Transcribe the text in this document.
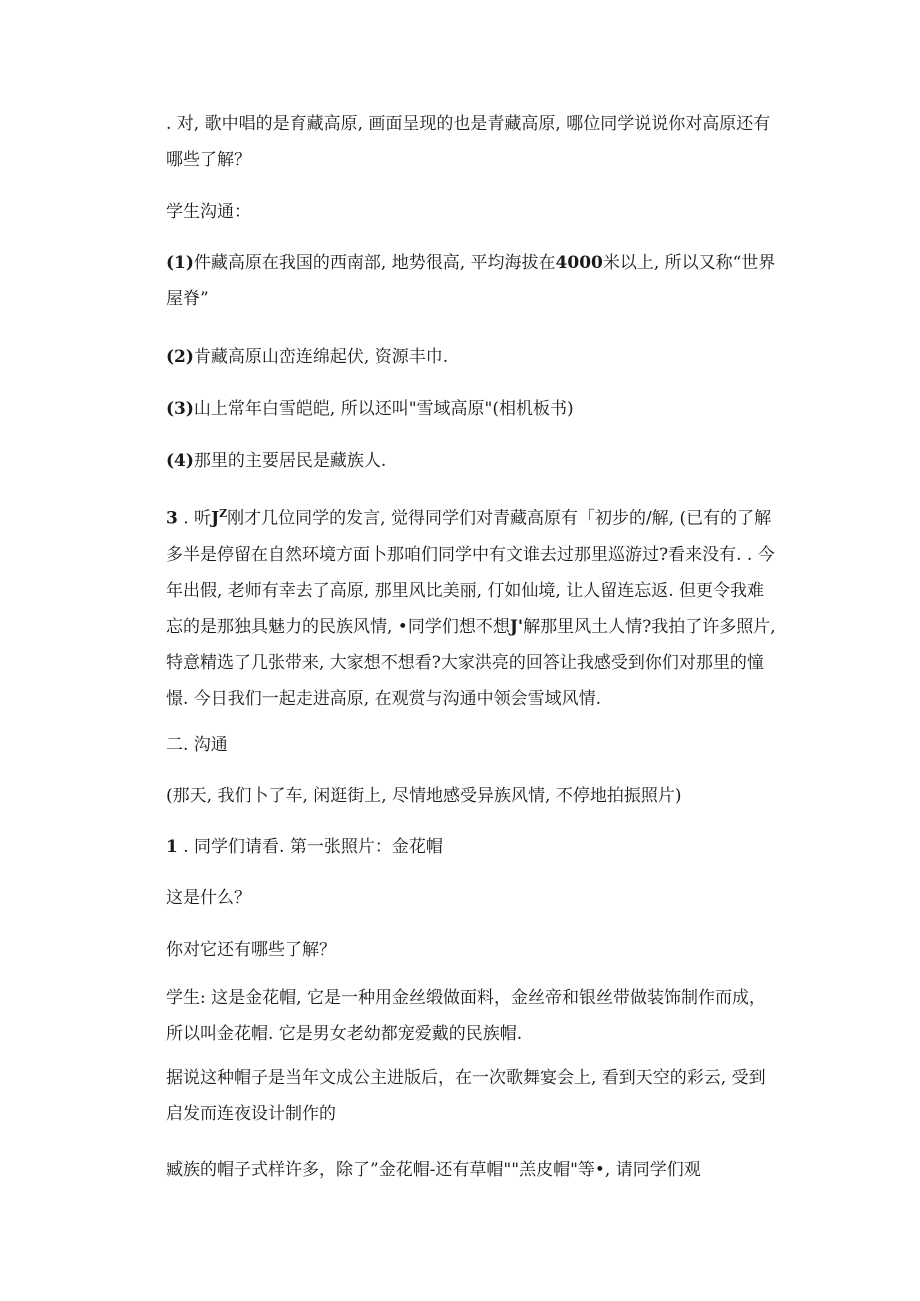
. 对, 歌中唱的是育藏高原, 画面呈现的也是青藏高原, 哪位同学说说你对高原还有哪些了解？
学生沟通：
(1)件藏高原在我国的西南部, 地势很高, 平均海拔在4000米以上, 所以又称“世界屋脊”
(2)肯藏高原山峦连绵起伏, 资源丰巾.
(3)山上常年白雪皑皑, 所以还叫"雪域高原"(相机板书)
(4)那里的主要居民是藏族人.
3 . 听$J^Z$刚才几位同学的发言, 觉得同学们对青藏高原有「初步的/解, (已有的了解多半是停留在自然环境方面卜那咱们同学中有文谁去过那里巡游过?看来没有. . 今年出假, 老师有幸去了高原, 那里风比美丽, 仃如仙境, 让人留连忘返. 但更令我难忘的是那独具魅力的民族风情, •同学们想不想J'解那里风土人情?我拍了许多照片, 特意精选了几张带来, 大家想不想看?大家洪亮的回答让我感受到你们对那里的憧憬. 今日我们一起走进高原, 在观赏与沟通中领会雪域风情.
二. 沟通
(那天, 我们卜了车, 闲逛街上, 尽情地感受异族风情, 不停地拍振照片)
1 . 同学们请看. 第一张照片：金花帽
这是什么？
你对它还有哪些了解？
学生: 这是金花帽, 它是一种用金丝缎做面料，金丝帝和银丝带做装饰制作而成，所以叫金花帽. 它是男女老幼都宠爱戴的民族帽.
据说这种帽子是当年文成公主进版后，在一次歌舞宴会上, 看到天空的彩云, 受到启发而连夜设计制作的
臧族的帽子式样许多，除了”金花帽-还有草帽""羔皮帽"等•, 请同学们观
